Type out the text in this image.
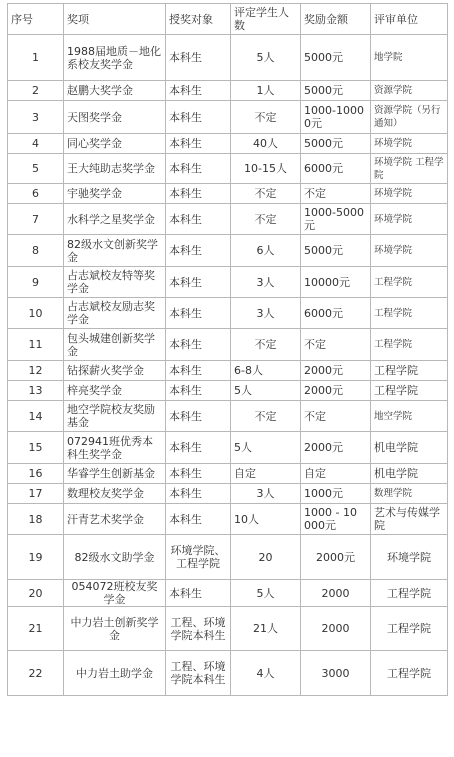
序号	奖项	授奖对象	评定学生人数	奖励金额	评审单位
1	1988届地质－地化系校友奖学金	本科生	5人	5000元	地学院
2	赵鹏大奖学金	本科生	1人	5000元	资源学院
3	天图奖学金	本科生	不定	1000-10000元	资源学院（另行通知）
4	同心奖学金	本科生	40人	5000元	环境学院
5	王大纯助志奖学金	本科生	10-15人	6000元	环境学院 工程学院
6	宇驰奖学金	本科生	不定	不定	环境学院
7	水科学之星奖学金	本科生	不定	1000-5000元	环境学院
8	82级水文创新奖学金	本科生	6人	5000元	环境学院
9	占志斌校友特等奖学金	本科生	3人	10000元	工程学院
10	占志斌校友励志奖学金	本科生	3人	6000元	工程学院
11	包头城建创新奖学金	本科生	不定	不定	工程学院
12	钻探薪火奖学金	本科生	6-8人	2000元	工程学院
13	梓亮奖学金	本科生	5人	2000元	工程学院
14	地空学院校友奖励基金	本科生	不定	不定	地空学院
15	072941班优秀本科生奖学金	本科生	5人	2000元	机电学院
16	华睿学生创新基金	本科生	自定	自定	机电学院
17	数理校友奖学金	本科生	3人	1000元	数理学院
18	汗青艺术奖学金	本科生	10人	1000 - 10 000元	艺术与传媒学院
19	82级水文助学金	环境学院、工程学院	20	2000元	环境学院
20	054072班校友奖学金	本科生	5人	2000	工程学院
21	中力岩土创新奖学金	工程、环境学院本科生	21人	2000	工程学院
22	中力岩土助学金	工程、环境学院本科生	4人	3000	工程学院
